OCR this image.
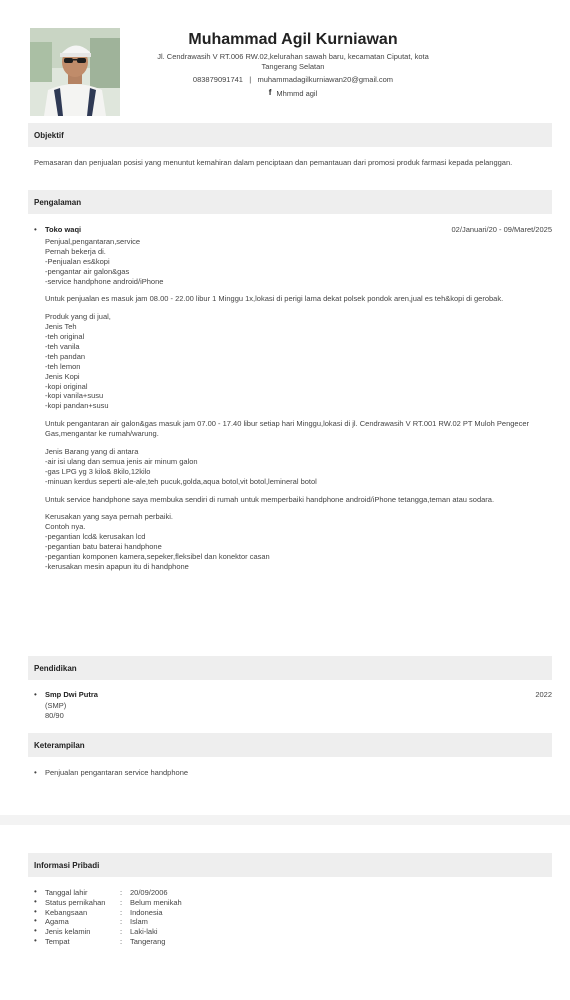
Muhammad Agil Kurniawan
Jl. Cendrawasih V RT.006 RW.02,kelurahan sawah baru, kecamatan Ciputat, kota
Tangerang Selatan
083879091741 | muhammadagilkurniawan20@gmail.com
f Mhmmd agil
Objektif
Pemasaran dan penjualan posisi yang menuntut kemahiran dalam penciptaan dan pemantauan dari promosi produk farmasi kepada pelanggan.
Pengalaman
• Toko waqi	02/Januari/20 - 09/Maret/2025
Penjual,pengantaran,service
Pernah bekerja di.
-Penjualan es&kopi
-pengantar air galon&gas
-service handphone android/iPhone
Untuk penjualan es masuk jam 08.00 - 22.00 libur 1 Minggu 1x,lokasi di perigi lama dekat polsek pondok aren,jual es teh&kopi di gerobak.
Produk yang di jual,
Jenis Teh
-teh original
-teh vanila
-teh pandan
-teh lemon
Jenis Kopi
-kopi original
-kopi vanila+susu
-kopi pandan+susu
Untuk pengantaran air galon&gas masuk jam 07.00 - 17.40 libur setiap hari Minggu,lokasi di jl. Cendrawasih V RT.001 RW.02 PT Muloh Pengecer Gas,mengantar ke rumah/warung.
Jenis Barang yang di antara
-air isi ulang dan semua jenis air minum galon
-gas LPG yg 3 kilo& 8kilo,12kilo
-minuan kerdus seperti ale-ale,teh pucuk,golda,aqua botol,vit botol,lemineral botol
Untuk service handphone saya membuka sendiri di rumah untuk memperbaiki handphone android/iPhone tetangga,teman atau sodara.
Kerusakan yang saya pernah perbaiki.
Contoh nya.
-pegantian lcd& kerusakan lcd
-pegantian batu baterai handphone
-pegantian komponen kamera,sepeker,fleksibel dan konektor casan
-kerusakan mesin apapun itu di handphone
Pendidikan
• Smp Dwi Putra	2022
(SMP)
80/90
Keterampilan
• Penjualan pengantaran service handphone
Informasi Pribadi
• Tanggal lahir	: 20/09/2006
• Status pernikahan : Belum menikah
• Kebangsaan	: Indonesia
• Agama	: Islam
• Jenis kelamin	: Laki-laki
• Tempat	: Tangerang
